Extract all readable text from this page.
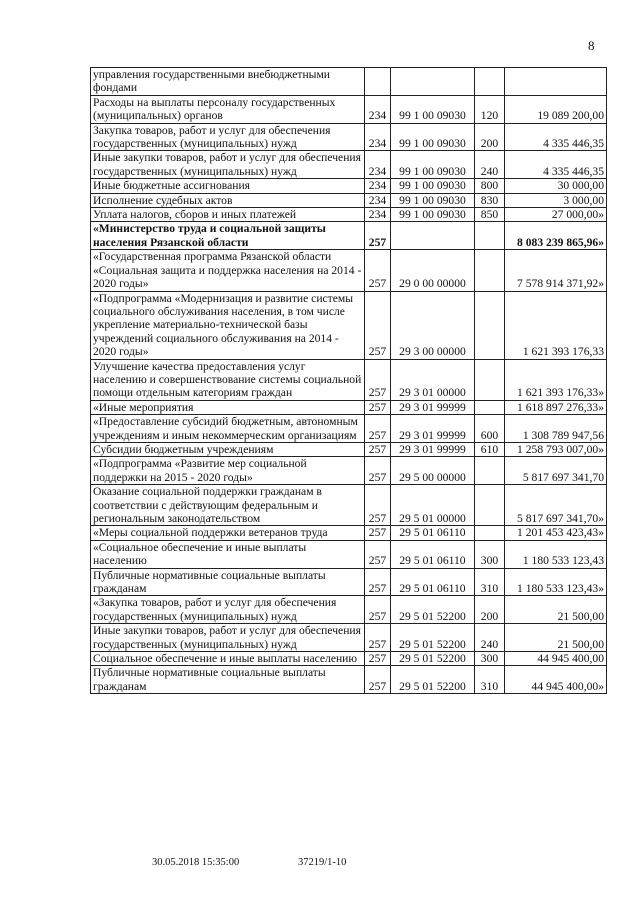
8
управления государственными внебюджетными фондами				
Расходы на выплаты персоналу государственных (муниципальных) органов	234	99 1 00 09030	120	19 089 200,00
Закупка товаров, работ и услуг для обеспечения государственных (муниципальных) нужд	234	99 1 00 09030	200	4 335 446,35
Иные закупки товаров, работ и услуг для обеспечения государственных (муниципальных) нужд	234	99 1 00 09030	240	4 335 446,35
Иные бюджетные ассигнования	234	99 1 00 09030	800	30 000,00
Исполнение судебных актов	234	99 1 00 09030	830	3 000,00
Уплата налогов, сборов и иных платежей	234	99 1 00 09030	850	27 000,00»
«Министерство труда и социальной защиты населения Рязанской области	257			8 083 239 865,96»
«Государственная программа Рязанской области «Социальная защита и поддержка населения на 2014 - 2020 годы»	257	29 0 00 00000		7 578 914 371,92»
«Подпрограмма «Модернизация и развитие системы социального обслуживания населения, в том числе укрепление материально-технической базы учреждений социального обслуживания на 2014 - 2020 годы»	257	29 3 00 00000		1 621 393 176,33
Улучшение качества предоставления услуг населению и совершенствование системы социальной помощи отдельным категориям граждан	257	29 3 01 00000		1 621 393 176,33»
«Иные мероприятия	257	29 3 01 99999		1 618 897 276,33»
«Предоставление субсидий бюджетным, автономным учреждениям и иным некоммерческим организациям	257	29 3 01 99999	600	1 308 789 947,56
Субсидии бюджетным учреждениям	257	29 3 01 99999	610	1 258 793 007,00»
«Подпрограмма «Развитие мер социальной поддержки на 2015 - 2020 годы»	257	29 5 00 00000		5 817 697 341,70
Оказание социальной поддержки гражданам в соответствии с действующим федеральным и региональным законодательством	257	29 5 01 00000		5 817 697 341,70»
«Меры социальной поддержки ветеранов труда	257	29 5 01 06110		1 201 453 423,43»
«Социальное обеспечение и иные выплаты населению	257	29 5 01 06110	300	1 180 533 123,43
Публичные нормативные социальные выплаты гражданам	257	29 5 01 06110	310	1 180 533 123,43»
«Закупка товаров, работ и услуг для обеспечения государственных (муниципальных) нужд	257	29 5 01 52200	200	21 500,00
Иные закупки товаров, работ и услуг для обеспечения государственных (муниципальных) нужд	257	29 5 01 52200	240	21 500,00
Социальное обеспечение и иные выплаты населению	257	29 5 01 52200	300	44 945 400,00
Публичные нормативные социальные выплаты гражданам	257	29 5 01 52200	310	44 945 400,00»
30.05.2018 15:35:00	37219/1-10
